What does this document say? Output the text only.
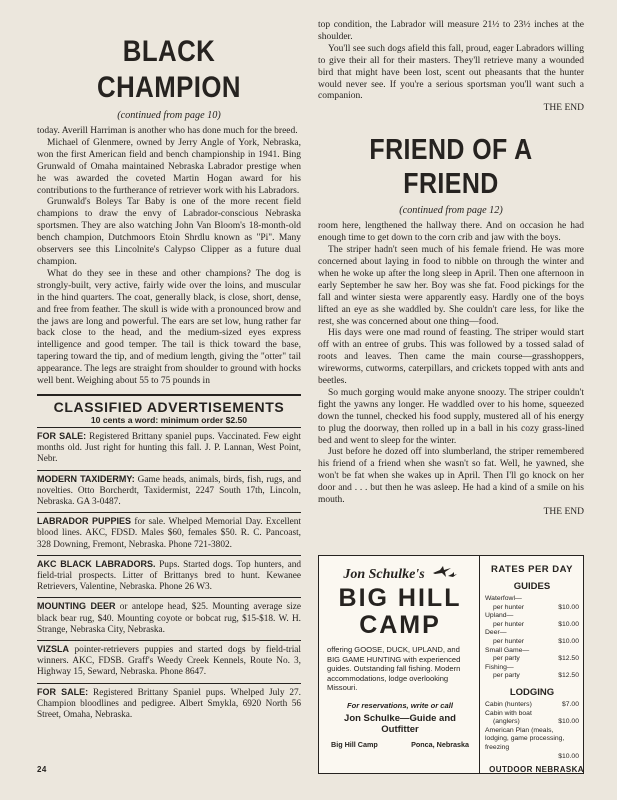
BLACK CHAMPION
(continued from page 10)

today. Averill Harriman is another who has done much for the breed.

Michael of Glenmere, owned by Jerry Angle of York, Nebraska, won the first American field and bench championship in 1941. Bing Grunwald of Omaha maintained Nebraska Labrador prestige when he was awarded the coveted Martin Hogan award for his contributions to the furtherance of retriever work with his Labradors.

Grunwald's Boleys Tar Baby is one of the more recent field champions to draw the envy of Labrador-conscious Nebraska sportsmen. They are also watching John Van Bloom's 18-month-old bench champion, Dutchmoors Etoin Shrdlu known as "Pi". Many observers see this Lincolnite's Calypso Clipper as a future dual champion.

What do they see in these and other champions? The dog is strongly-built, very active, fairly wide over the loins, and muscular in the hind quarters. The coat, generally black, is close, short, dense, and free from feather. The skull is wide with a pronounced brow and the jaws are long and powerful. The ears are set low, hung rather far back close to the head, and the medium-sized eyes express intelligence and good temper. The tail is thick toward the base, tapering toward the tip, and of medium length, giving the "otter" tail appearance. The legs are straight from shoulder to ground with hocks well bent. Weighing about 55 to 75 pounds in

CLASSIFIED ADVERTISEMENTS
10 cents a word: minimum order $2.50
FOR SALE: Registered Brittany spaniel pups. Vaccinated. Few eight months old. Just right for hunting this fall. J. P. Lannan, West Point, Nebr.
MODERN TAXIDERMY: Game heads, animals, birds, fish, rugs, and novelties. Otto Borcherdt, Taxidermist, 2247 South 17th, Lincoln, Nebraska. GA 3-0487.
LABRADOR PUPPIES for sale. Whelped Memorial Day. Excellent blood lines. AKC, FDSD. Males $60, females $50. R. C. Pancoast, 328 Downing, Fremont, Nebraska. Phone 721-3802.
AKC BLACK LABRADORS. Pups. Started dogs. Top hunters, and field-trial prospects. Litter of Brittanys bred to hunt. Kewanee Retrievers, Valentine, Nebraska. Phone 26 W3.
MOUNTING DEER or antelope head, $25. Mounting average size black bear rug, $40. Mounting coyote or bobcat rug, $15-$18. W. H. Strange, Nebraska City, Nebraska.
VIZSLA pointer-retrievers puppies and started dogs by field-trial winners. AKC, FDSB. Graff's Weedy Creek Kennels, Route No. 3, Highway 15, Seward, Nebraska. Phone 8647.
FOR SALE: Registered Brittany Spaniel pups. Whelped July 27. Champion bloodlines and pedigree. Albert Smykla, 6920 North 56 Street, Omaha, Nebraska.

top condition, the Labrador will measure 21½ to 23½ inches at the shoulder.

You'll see such dogs afield this fall, proud, eager Labradors willing to give their all for their masters. They'll retrieve many a wounded bird that might have been lost, scent out pheasants that the hunter would never see. If you're a serious sportsman you'll want such a companion.
THE END

FRIEND OF A FRIEND
(continued from page 12)

room here, lengthened the hallway there. And on occasion he had enough time to get down to the corn crib and jaw with the boys.

The striper hadn't seen much of his female friend. He was more concerned about laying in food to nibble on through the winter and when he woke up after the long sleep in April. Then one afternoon in early September he saw her. Boy was she fat. Food pickings for the fall and winter siesta were apparently easy. Hardly one of the boys lifted an eye as she waddled by. She couldn't care less, for like the rest, she was concerned about one thing—food.

His days were one mad round of feasting. The striper would start off with an entree of grubs. This was followed by a tossed salad of roots and leaves. Then came the main course—grasshoppers, wireworms, cutworms, caterpillars, and crickets topped with ants and beetles.

So much gorging would make anyone snoozy. The striper couldn't fight the yawns any longer. He waddled over to his home, squeezed down the tunnel, checked his food supply, mustered all of his energy to plug the doorway, then rolled up in a ball in his cozy grass-lined bed and went to sleep for the winter.

Just before he dozed off into slumberland, the striper remembered his friend of a friend when she wasn't so fat. Well, he yawned, she won't be fat when she wakes up in April. Then I'll go knock on her door and . . . but then he was asleep. He had a kind of a smile on his mouth.
THE END

Jon Schulke's
BIG HILL
CAMP
offering GOOSE, DUCK, UPLAND, and BIG GAME HUNTING with experienced guides. Outstanding fall fishing. Modern accommodations, lodge overlooking Missouri.
For reservations, write or call
Jon Schulke—Guide and Outfitter
Big Hill Camp	Ponca, Nebraska
RATES PER DAY
GUIDES
Waterfowl—
per hunter	$10.00
Upland—
per hunter	$10.00
Deer—
per hunter	$10.00
Small Game—
per party	$12.50
Fishing—
per party	$12.50
LODGING
Cabin (hunters)	$7.00
Cabin with boat
(anglers)	$10.00
American Plan (meals, lodging, game processing, freezing
$10.00
24	OUTDOOR NEBRASKA
